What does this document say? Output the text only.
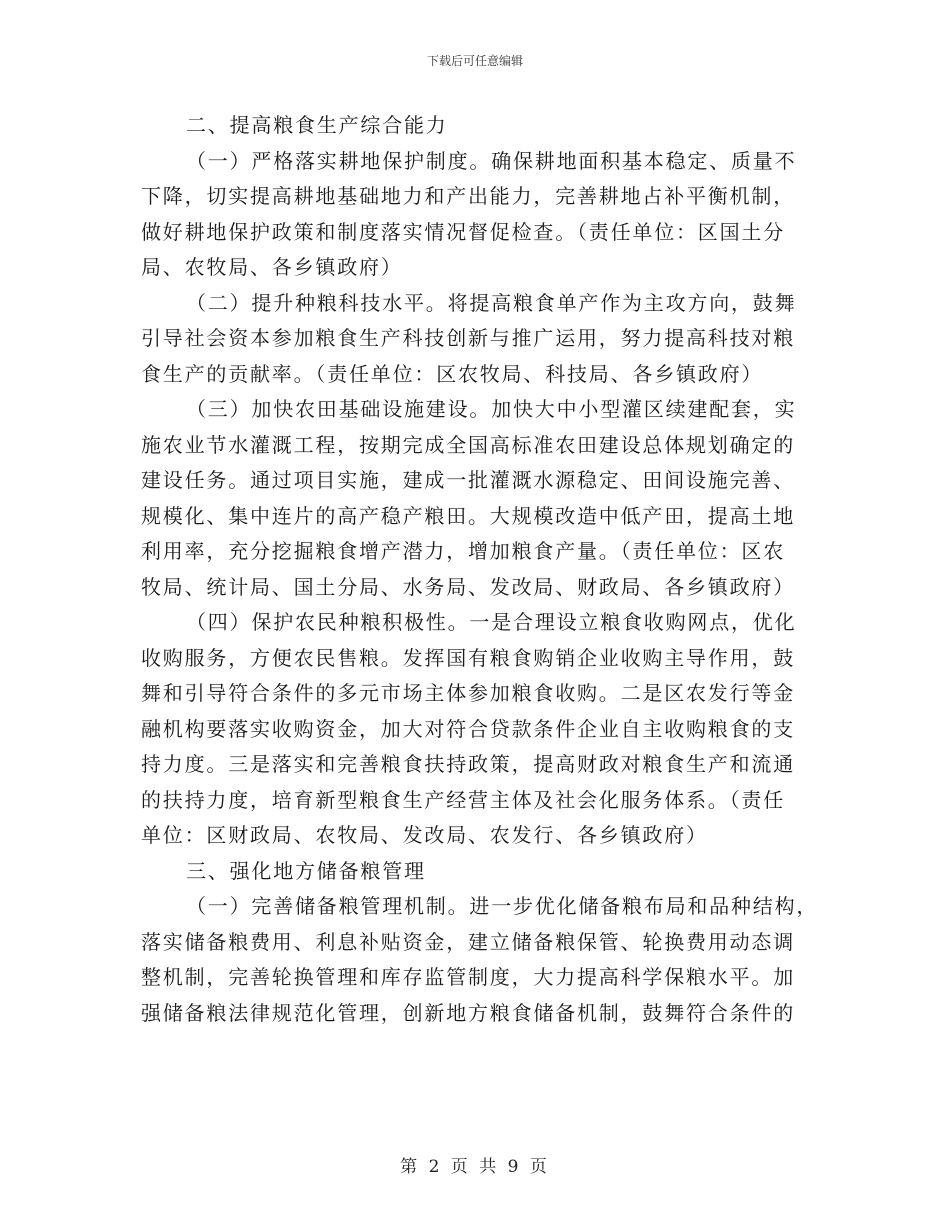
下载后可任意编辑
二、提高粮食生产综合能力
（一）严格落实耕地保护制度。确保耕地面积基本稳定、质量不
下降，切实提高耕地基础地力和产出能力，完善耕地占补平衡机制，
做好耕地保护政策和制度落实情况督促检查。（责任单位：区国土分
局、农牧局、各乡镇政府）
（二）提升种粮科技水平。将提高粮食单产作为主攻方向，鼓舞
引导社会资本参加粮食生产科技创新与推广运用，努力提高科技对粮
食生产的贡献率。（责任单位：区农牧局、科技局、各乡镇政府）
（三）加快农田基础设施建设。加快大中小型灌区续建配套，实
施农业节水灌溉工程，按期完成全国高标准农田建设总体规划确定的
建设任务。通过项目实施，建成一批灌溉水源稳定、田间设施完善、
规模化、集中连片的高产稳产粮田。大规模改造中低产田，提高土地
利用率，充分挖掘粮食增产潜力，增加粮食产量。（责任单位：区农
牧局、统计局、国土分局、水务局、发改局、财政局、各乡镇政府）
（四）保护农民种粮积极性。一是合理设立粮食收购网点，优化
收购服务，方便农民售粮。发挥国有粮食购销企业收购主导作用，鼓
舞和引导符合条件的多元市场主体参加粮食收购。二是区农发行等金
融机构要落实收购资金，加大对符合贷款条件企业自主收购粮食的支
持力度。三是落实和完善粮食扶持政策，提高财政对粮食生产和流通
的扶持力度，培育新型粮食生产经营主体及社会化服务体系。（责任
单位：区财政局、农牧局、发改局、农发行、各乡镇政府）
三、强化地方储备粮管理
（一）完善储备粮管理机制。进一步优化储备粮布局和品种结构，
落实储备粮费用、利息补贴资金，建立储备粮保管、轮换费用动态调
整机制，完善轮换管理和库存监管制度，大力提高科学保粮水平。加
强储备粮法律规范化管理，创新地方粮食储备机制，鼓舞符合条件的
第 2 页 共 9 页
